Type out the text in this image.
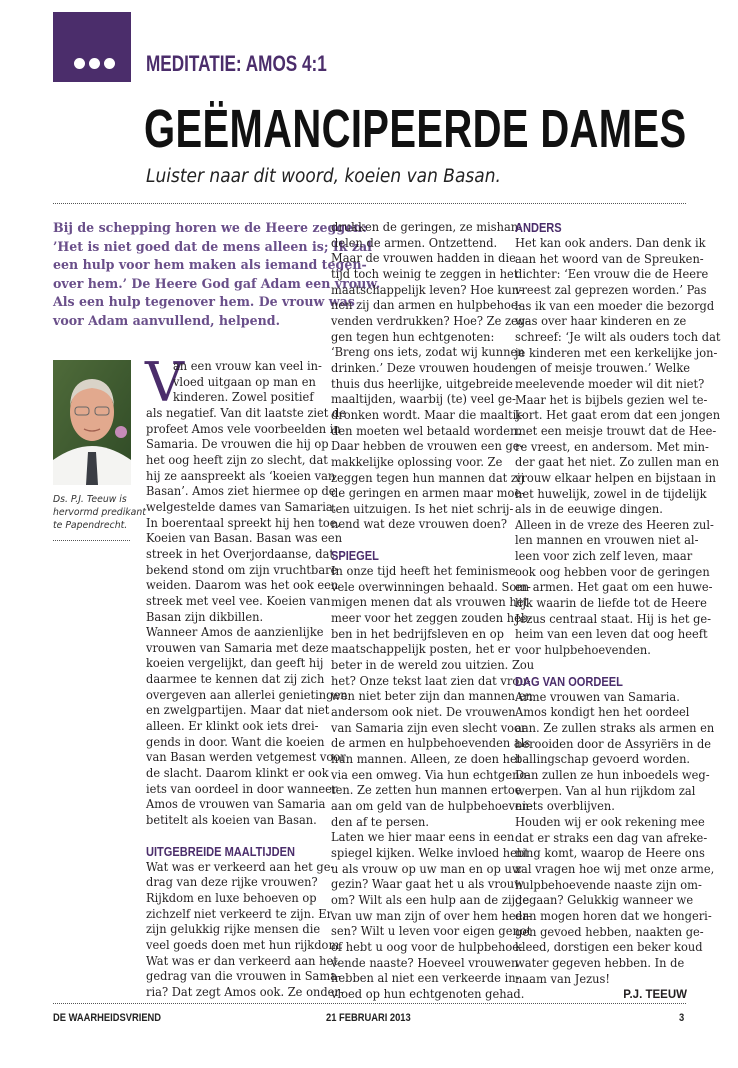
MEDITATIE: AMOS 4:1
GEËMANCIPEERDE DAMES
Luister naar dit woord, koeien van Basan.
Bij de schepping horen we de Heere zeggen:
’Het is niet goed dat de mens alleen is; Ik zal
een hulp voor hem maken als iemand tegen-
over hem.’ De Heere God gaf Adam een vrouw.
Als een hulp tegenover hem. De vrouw was
voor Adam aanvullend, helpend.
Ds. P.J. Teeuw is
hervormd predikant
te Papendrecht.
V
an een vrouw kan veel in-
vloed uitgaan op man en
kinderen. Zowel positief
als negatief. Van dit laatste ziet de
profeet Amos vele voorbeelden in
Samaria. De vrouwen die hij op
het oog heeft zijn zo slecht, dat
hij ze aanspreekt als ‘koeien van
Basan’. Amos ziet hiermee op de
welgestelde dames van Samaria.
In boerentaal spreekt hij hen toe.
Koeien van Basan. Basan was een
streek in het Overjordaanse, dat
bekend stond om zijn vruchtbare
weiden. Daarom was het ook een
streek met veel vee. Koeien van
Basan zijn dikbillen.
Wanneer Amos de aanzienlijke
vrouwen van Samaria met deze
koeien vergelijkt, dan geeft hij
daarmee te kennen dat zij zich
overgeven aan allerlei genietingen
en zwelgpartijen. Maar dat niet
alleen. Er klinkt ook iets drei-
gends in door. Want die koeien
van Basan werden vetgemest voor
de slacht. Daarom klinkt er ook
iets van oordeel in door wanneer
Amos de vrouwen van Samaria
betitelt als koeien van Basan.
UITGEBREIDE MAALTIJDEN
Wat was er verkeerd aan het ge-
drag van deze rijke vrouwen?
Rijkdom en luxe behoeven op
zichzelf niet verkeerd te zijn. Er
zijn gelukkig rijke mensen die
veel goeds doen met hun rijkdom.
Wat was er dan verkeerd aan het
gedrag van die vrouwen in Sama-
ria? Dat zegt Amos ook. Ze onder-
drukken de geringen, ze mishan-
delen de armen. Ontzettend.
Maar de vrouwen hadden in die
tijd toch weinig te zeggen in het
maatschappelijk leven? Hoe kun-
nen zij dan armen en hulpbehoe-
venden verdrukken? Hoe? Ze zeg-
gen tegen hun echtgenoten:
‘Breng ons iets, zodat wij kunnen
drinken.’ Deze vrouwen houden
thuis dus heerlijke, uitgebreide
maaltijden, waarbij (te) veel ge-
dronken wordt. Maar die maaltij-
den moeten wel betaald worden.
Daar hebben de vrouwen een ge-
makkelijke oplossing voor. Ze
zeggen tegen hun mannen dat zij
de geringen en armen maar moe-
ten uitzuigen. Is het niet schrij-
nend wat deze vrouwen doen?
SPIEGEL
In onze tijd heeft het feminisme
vele overwinningen behaald. Som-
migen menen dat als vrouwen het
meer voor het zeggen zouden heb-
ben in het bedrijfsleven en op
maatschappelijk posten, het er
beter in de wereld zou uitzien. Zou
het? Onze tekst laat zien dat vrou-
wen niet beter zijn dan mannen en
andersom ook niet. De vrouwen
van Samaria zijn even slecht voor
de armen en hulpbehoevenden als
hun mannen. Alleen, ze doen het
via een omweg. Via hun echtgeno-
ten. Ze zetten hun mannen ertoe
aan om geld van de hulpbehoeven-
den af te persen.
Laten we hier maar eens in een
spiegel kijken. Welke invloed hebt
u als vrouw op uw man en op uw
gezin? Waar gaat het u als vrouw
om? Wilt als een hulp aan de zijde
van uw man zijn of over hem heer-
sen? Wilt u leven voor eigen genot
of hebt u oog voor de hulpbehoe-
vende naaste? Hoeveel vrouwen
hebben al niet een verkeerde in-
vloed op hun echtgenoten gehad.
ANDERS
Het kan ook anders. Dan denk ik
aan het woord van de Spreuken-
dichter: ‘Een vrouw die de Heere
vreest zal geprezen worden.’ Pas
las ik van een moeder die bezorgd
was over haar kinderen en ze
schreef: ‘Je wilt als ouders toch dat
je kinderen met een kerkelijke jon-
gen of meisje trouwen.’ Welke
meelevende moeder wil dit niet?
Maar het is bijbels gezien wel te-
kort. Het gaat erom dat een jongen
met een meisje trouwt dat de Hee-
re vreest, en andersom. Met min-
der gaat het niet. Zo zullen man en
vrouw elkaar helpen en bijstaan in
het huwelijk, zowel in de tijdelijk
als in de eeuwige dingen.
Alleen in de vreze des Heeren zul-
len mannen en vrouwen niet al-
leen voor zich zelf leven, maar
ook oog hebben voor de geringen
en armen. Het gaat om een huwe-
lijk waarin de liefde tot de Heere
Jezus centraal staat. Hij is het ge-
heim van een leven dat oog heeft
voor hulpbehoevenden.
DAG VAN OORDEEL
Arme vrouwen van Samaria.
Amos kondigt hen het oordeel
aan. Ze zullen straks als armen en
berooiden door de Assyriërs in de
ballingschap gevoerd worden.
Dan zullen ze hun inboedels weg-
werpen. Van al hun rijkdom zal
niets overblijven.
Houden wij er ook rekening mee
dat er straks een dag van afreke-
ning komt, waarop de Heere ons
zal vragen hoe wij met onze arme,
hulpbehoevende naaste zijn om-
gegaan? Gelukkig wanneer we
dan mogen horen dat we hongeri-
gen gevoed hebben, naakten ge-
kleed, dorstigen een beker koud
water gegeven hebben. In de
naam van Jezus!
P.J. TEEUW
DE WAARHEIDSVRIEND	21 FEBRUARI 2013	3
